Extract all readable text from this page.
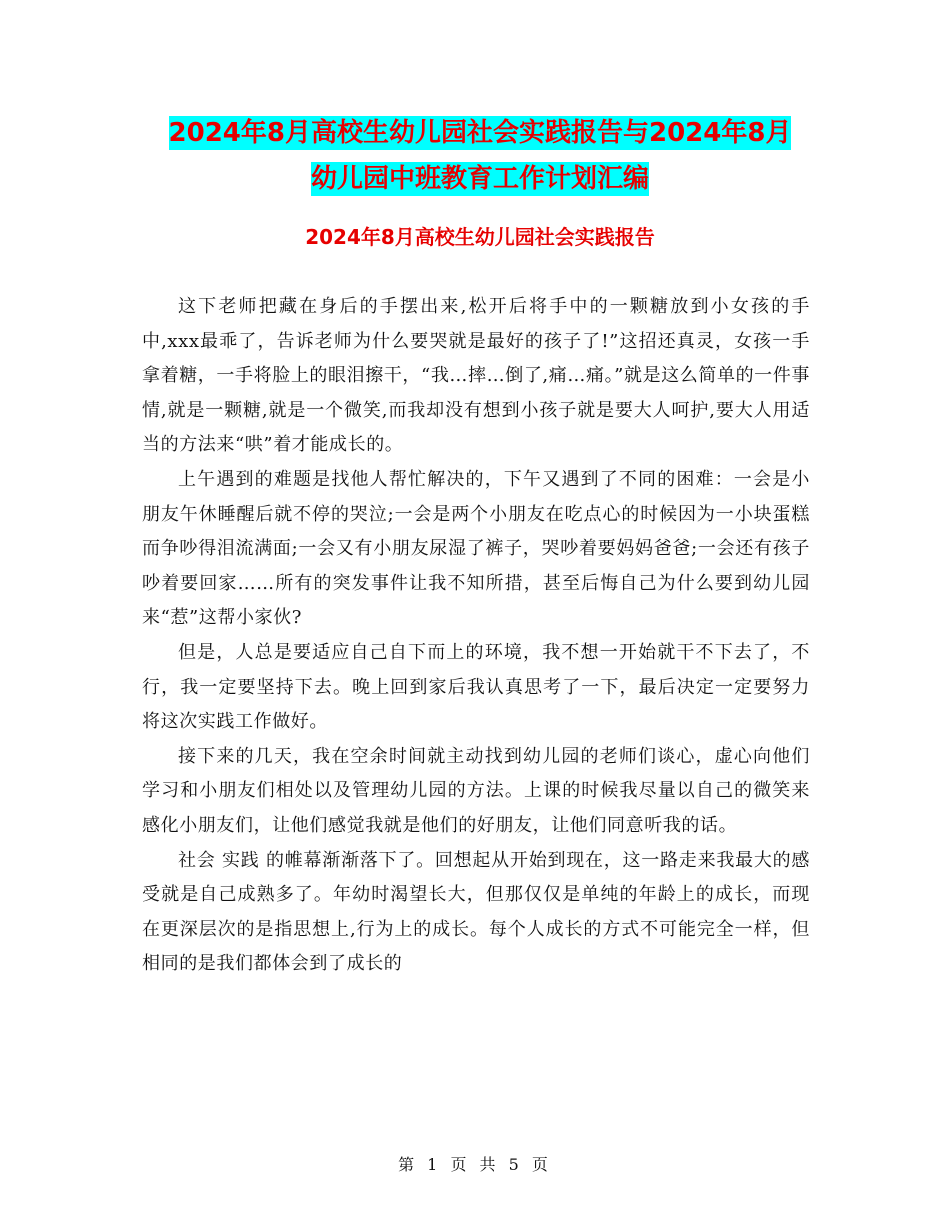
2024年8月高校生幼儿园社会实践报告与2024年8月
幼儿园中班教育工作计划汇编
2024年8月高校生幼儿园社会实践报告

这下老师把藏在身后的手摆出来,松开后将手中的一颗糖放到小女孩的手中,xxx最乖了，告诉老师为什么要哭就是最好的孩子了!”这招还真灵，女孩一手拿着糖，一手将脸上的眼泪擦干，“我…摔…倒了,痛…痛。”就是这么简单的一件事情,就是一颗糖,就是一个微笑,而我却没有想到小孩子就是要大人呵护,要大人用适当的方法来“哄”着才能成长的。

上午遇到的难题是找他人帮忙解决的，下午又遇到了不同的困难：一会是小朋友午休睡醒后就不停的哭泣;一会是两个小朋友在吃点心的时候因为一小块蛋糕而争吵得泪流满面;一会又有小朋友尿湿了裤子，哭吵着要妈妈爸爸;一会还有孩子吵着要回家……所有的突发事件让我不知所措，甚至后悔自己为什么要到幼儿园来“惹”这帮小家伙?

但是，人总是要适应自己自下而上的环境，我不想一开始就干不下去了，不行，我一定要坚持下去。晚上回到家后我认真思考了一下，最后决定一定要努力将这次实践工作做好。

接下来的几天，我在空余时间就主动找到幼儿园的老师们谈心，虚心向他们学习和小朋友们相处以及管理幼儿园的方法。上课的时候我尽量以自己的微笑来感化小朋友们，让他们感觉我就是他们的好朋友，让他们同意听我的话。

社会 实践 的帷幕渐渐落下了。回想起从开始到现在，这一路走来我最大的感受就是自己成熟多了。年幼时渴望长大，但那仅仅是单纯的年龄上的成长，而现在更深层次的是指思想上,行为上的成长。每个人成长的方式不可能完全一样，但相同的是我们都体会到了成长的

第 1 页 共 5 页
